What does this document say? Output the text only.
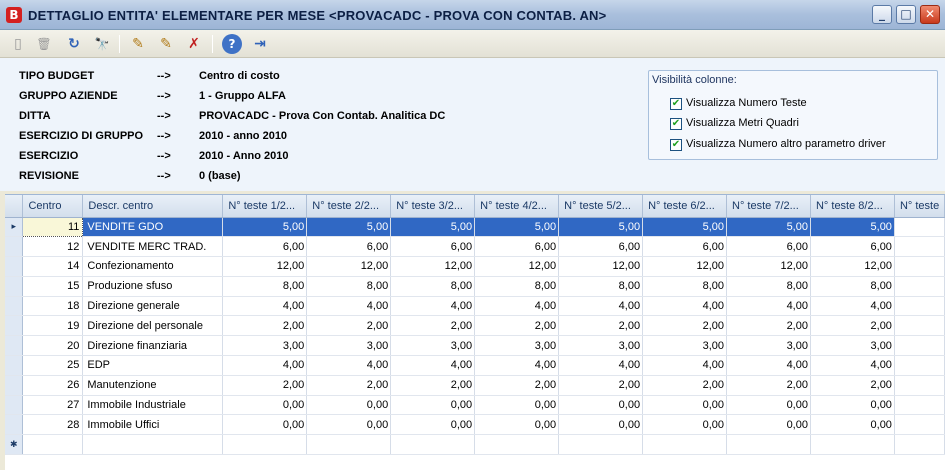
B DETTAGLIO ENTITA' ELEMENTARE PER MESE <PROVACADC - PROVA CON CONTAB. AN>	_	□	✕
▯	🗑 ↻	🔭 ✎ ✎ ✗	?	⇥
TIPO BUDGET	-->	Centro di costo
GRUPPO AZIENDE	-->	1 - Gruppo ALFA
DITTA	-->	PROVACADC - Prova Con Contab. Analitica DC
ESERCIZIO DI GRUPPO -->	2010 - anno 2010
ESERCIZIO	-->	2010 - Anno 2010
REVISIONE	-->	0 (base)
Visibilità colonne:
✔ Visualizza Numero Teste
✔ Visualizza Metri Quadri
✔ Visualizza Numero altro parametro driver
	Centro	Descr. centro	N° teste 1/2...	N° teste 2/2...	N° teste 3/2...	N° teste 4/2...	N° teste 5/2...	N° teste 6/2...	N° teste 7/2...	N° teste 8/2...	N° teste
▸	11	VENDITE GDO	5,00	5,00	5,00	5,00	5,00	5,00	5,00	5,00	
	12	VENDITE MERC TRAD.	6,00	6,00	6,00	6,00	6,00	6,00	6,00	6,00	
	14	Confezionamento	12,00	12,00	12,00	12,00	12,00	12,00	12,00	12,00	
	15	Produzione sfuso	8,00	8,00	8,00	8,00	8,00	8,00	8,00	8,00	
	18	Direzione generale	4,00	4,00	4,00	4,00	4,00	4,00	4,00	4,00	
	19	Direzione del personale	2,00	2,00	2,00	2,00	2,00	2,00	2,00	2,00	
	20	Direzione finanziaria	3,00	3,00	3,00	3,00	3,00	3,00	3,00	3,00	
	25	EDP	4,00	4,00	4,00	4,00	4,00	4,00	4,00	4,00	
	26	Manutenzione	2,00	2,00	2,00	2,00	2,00	2,00	2,00	2,00	
	27	Immobile Industriale	0,00	0,00	0,00	0,00	0,00	0,00	0,00	0,00	
	28	Immobile Uffici	0,00	0,00	0,00	0,00	0,00	0,00	0,00	0,00	
✱											
